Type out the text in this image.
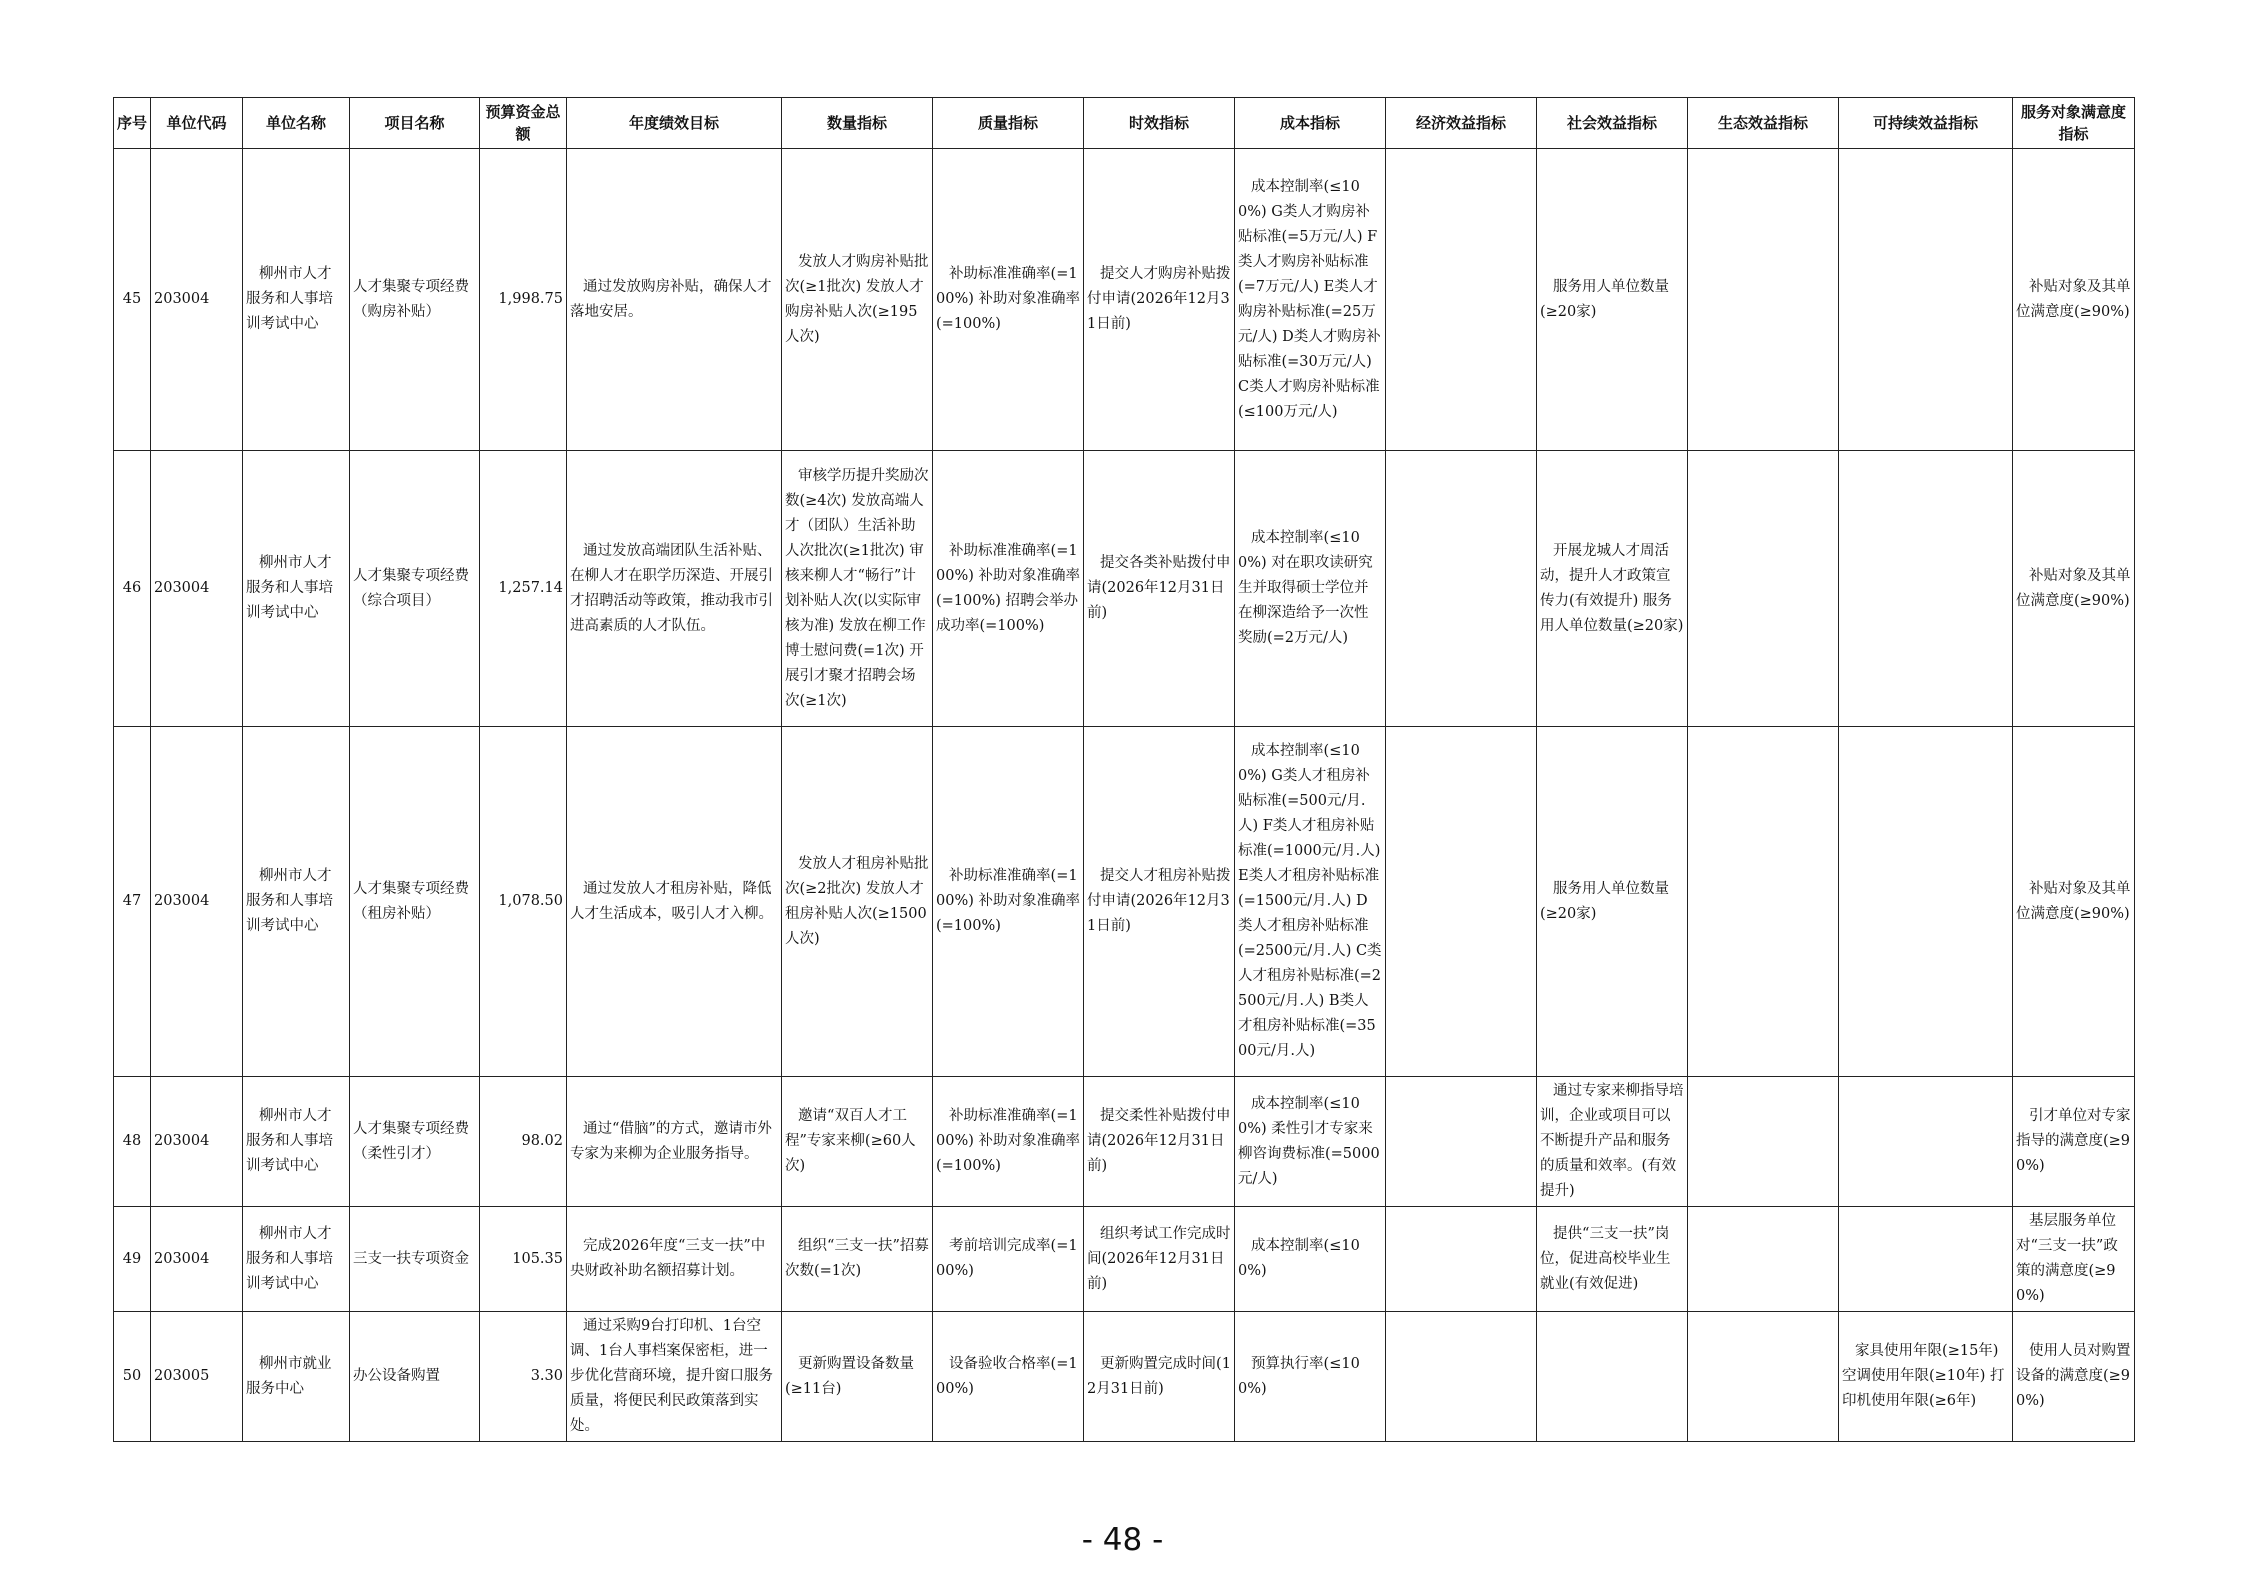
序号	单位代码	单位名称	项目名称	预算资金总额	年度绩效目标	数量指标	质量指标	时效指标	成本指标	经济效益指标	社会效益指标	生态效益指标	可持续效益指标	服务对象满意度指标
45	203004	柳州市人才服务和人事培训考试中心	人才集聚专项经费（购房补贴）	1,998.75	通过发放购房补贴，确保人才落地安居。	发放人才购房补贴批次(≥1批次) 发放人才购房补贴人次(≥195人次)	补助标准准确率(=100%) 补助对象准确率(=100%)	提交人才购房补贴拨付申请(2026年12月31日前)	成本控制率(≤100%) G类人才购房补贴标准(=5万元/人) F类人才购房补贴标准(=7万元/人) E类人才购房补贴标准(=25万元/人) D类人才购房补贴标准(=30万元/人) C类人才购房补贴标准(≤100万元/人)		服务用人单位数量(≥20家)			补贴对象及其单位满意度(≥90%)
46	203004	柳州市人才服务和人事培训考试中心	人才集聚专项经费（综合项目）	1,257.14	通过发放高端团队生活补贴、在柳人才在职学历深造、开展引才招聘活动等政策，推动我市引进高素质的人才队伍。	审核学历提升奖励次数(≥4次) 发放高端人才（团队）生活补助人次批次(≥1批次) 审核来柳人才“畅行”计划补贴人次(以实际审核为准) 发放在柳工作博士慰问费(=1次) 开展引才聚才招聘会场次(≥1次)	补助标准准确率(=100%) 补助对象准确率(=100%) 招聘会举办成功率(=100%)	提交各类补贴拨付申请(2026年12月31日前)	成本控制率(≤100%) 对在职攻读研究生并取得硕士学位并在柳深造给予一次性奖励(=2万元/人)		开展龙城人才周活动，提升人才政策宣传力(有效提升) 服务用人单位数量(≥20家)			补贴对象及其单位满意度(≥90%)
47	203004	柳州市人才服务和人事培训考试中心	人才集聚专项经费（租房补贴）	1,078.50	通过发放人才租房补贴，降低人才生活成本，吸引人才入柳。	发放人才租房补贴批次(≥2批次) 发放人才租房补贴人次(≥1500人次)	补助标准准确率(=100%) 补助对象准确率(=100%)	提交人才租房补贴拨付申请(2026年12月31日前)	成本控制率(≤100%) G类人才租房补贴标准(=500元/月.人) F类人才租房补贴标准(=1000元/月.人) E类人才租房补贴标准(=1500元/月.人) D类人才租房补贴标准(=2500元/月.人) C类人才租房补贴标准(=2500元/月.人) B类人才租房补贴标准(=3500元/月.人)		服务用人单位数量(≥20家)			补贴对象及其单位满意度(≥90%)
48	203004	柳州市人才服务和人事培训考试中心	人才集聚专项经费（柔性引才）	98.02	通过“借脑”的方式，邀请市外专家为来柳为企业服务指导。	邀请“双百人才工程”专家来柳(≥60人次)	补助标准准确率(=100%) 补助对象准确率(=100%)	提交柔性补贴拨付申请(2026年12月31日前)	成本控制率(≤100%) 柔性引才专家来柳咨询费标准(=5000元/人)		通过专家来柳指导培训，企业或项目可以不断提升产品和服务的质量和效率。(有效提升)			引才单位对专家指导的满意度(≥90%)
49	203004	柳州市人才服务和人事培训考试中心	三支一扶专项资金	105.35	完成2026年度“三支一扶”中央财政补助名额招募计划。	组织“三支一扶”招募次数(=1次)	考前培训完成率(=100%)	组织考试工作完成时间(2026年12月31日前)	成本控制率(≤100%)		提供“三支一扶”岗位，促进高校毕业生就业(有效促进)			基层服务单位对“三支一扶”政策的满意度(≥90%)
50	203005	柳州市就业服务中心	办公设备购置	3.30	通过采购9台打印机、1台空调、1台人事档案保密柜，进一步优化营商环境，提升窗口服务质量，将便民利民政策落到实处。	更新购置设备数量(≥11台)	设备验收合格率(=100%)	更新购置完成时间(12月31日前)	预算执行率(≤100%)				家具使用年限(≥15年) 空调使用年限(≥10年) 打印机使用年限(≥6年)	使用人员对购置设备的满意度(≥90%)
- 48 -
